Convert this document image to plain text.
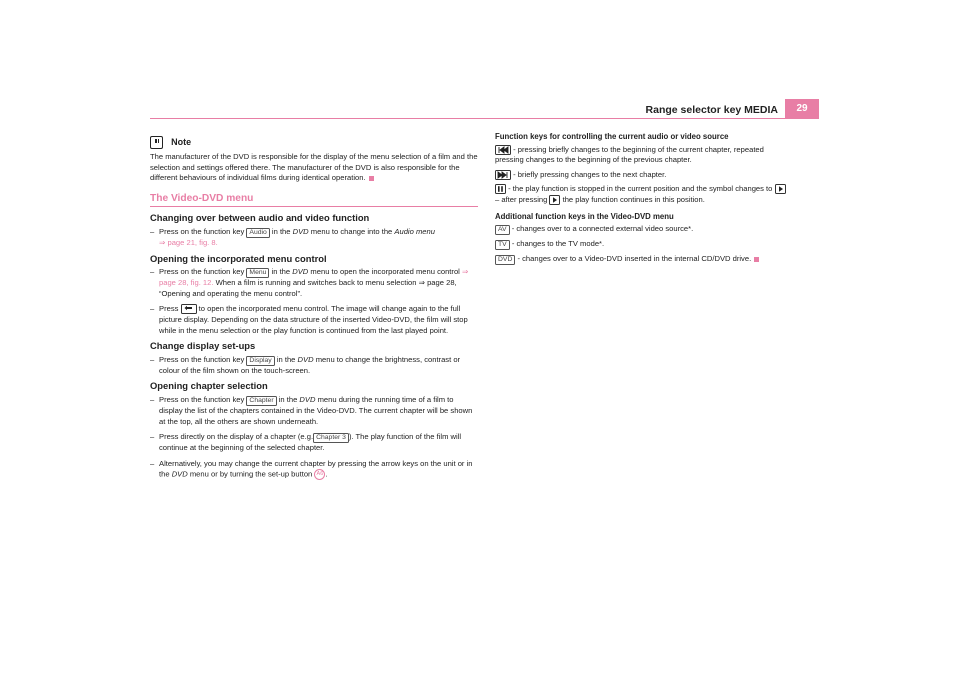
Range selector key MEDIA	29
Note

The manufacturer of the DVD is responsible for the display of the menu selection of a film and the selection and settings offered there. The manufacturer of the DVD is also responsible for the different behaviours of individual films during identical operation.

The Video-DVD menu
Changing over between audio and video function
– Press on the function key Audio in the DVD menu to change into the Audio menu
⇒ page 21, fig. 8.
Opening the incorporated menu control
– Press on the function key Menu in the DVD menu to open the incorporated menu control ⇒ page 28, fig. 12. When a film is running and switches back to menu selection ⇒ page 28, “Opening and operating the menu control”.
– Press	to open the incorporated menu control. The image will change again to the full picture display. Depending on the data structure of the inserted Video-DVD, the film will stop while in the menu selection or the play function is continued from the last played point.
Change display set-ups
– Press on the function key Display in the DVD menu to change the brightness, contrast or colour of the film shown on the touch-screen.
Opening chapter selection
– Press on the function key Chapter in the DVD menu during the running time of a film to display the list of the chapters contained in the Video-DVD. The current chapter will be shown at the top, all the others are shown underneath.
– Press directly on the display of a chapter (e.g. Chapter 3 ). The play function of the film will continue at the beginning of the selected chapter.
– Alternatively, you may change the current chapter by pressing the arrow keys on the unit or in the DVD menu or by turning the set-up button A6 .
Function keys for controlling the current audio or video source
- pressing briefly changes to the beginning of the current chapter, repeated pressing changes to the beginning of the previous chapter.
- briefly pressing changes to the next chapter.
- the play function is stopped in the current position and the symbol changes to
– after pressing the play function continues in this position.
Additional function keys in the Video-DVD menu
AV - changes over to a connected external video source*.
TV - changes to the TV mode*.
DVD - changes over to a Video-DVD inserted in the internal CD/DVD drive.
